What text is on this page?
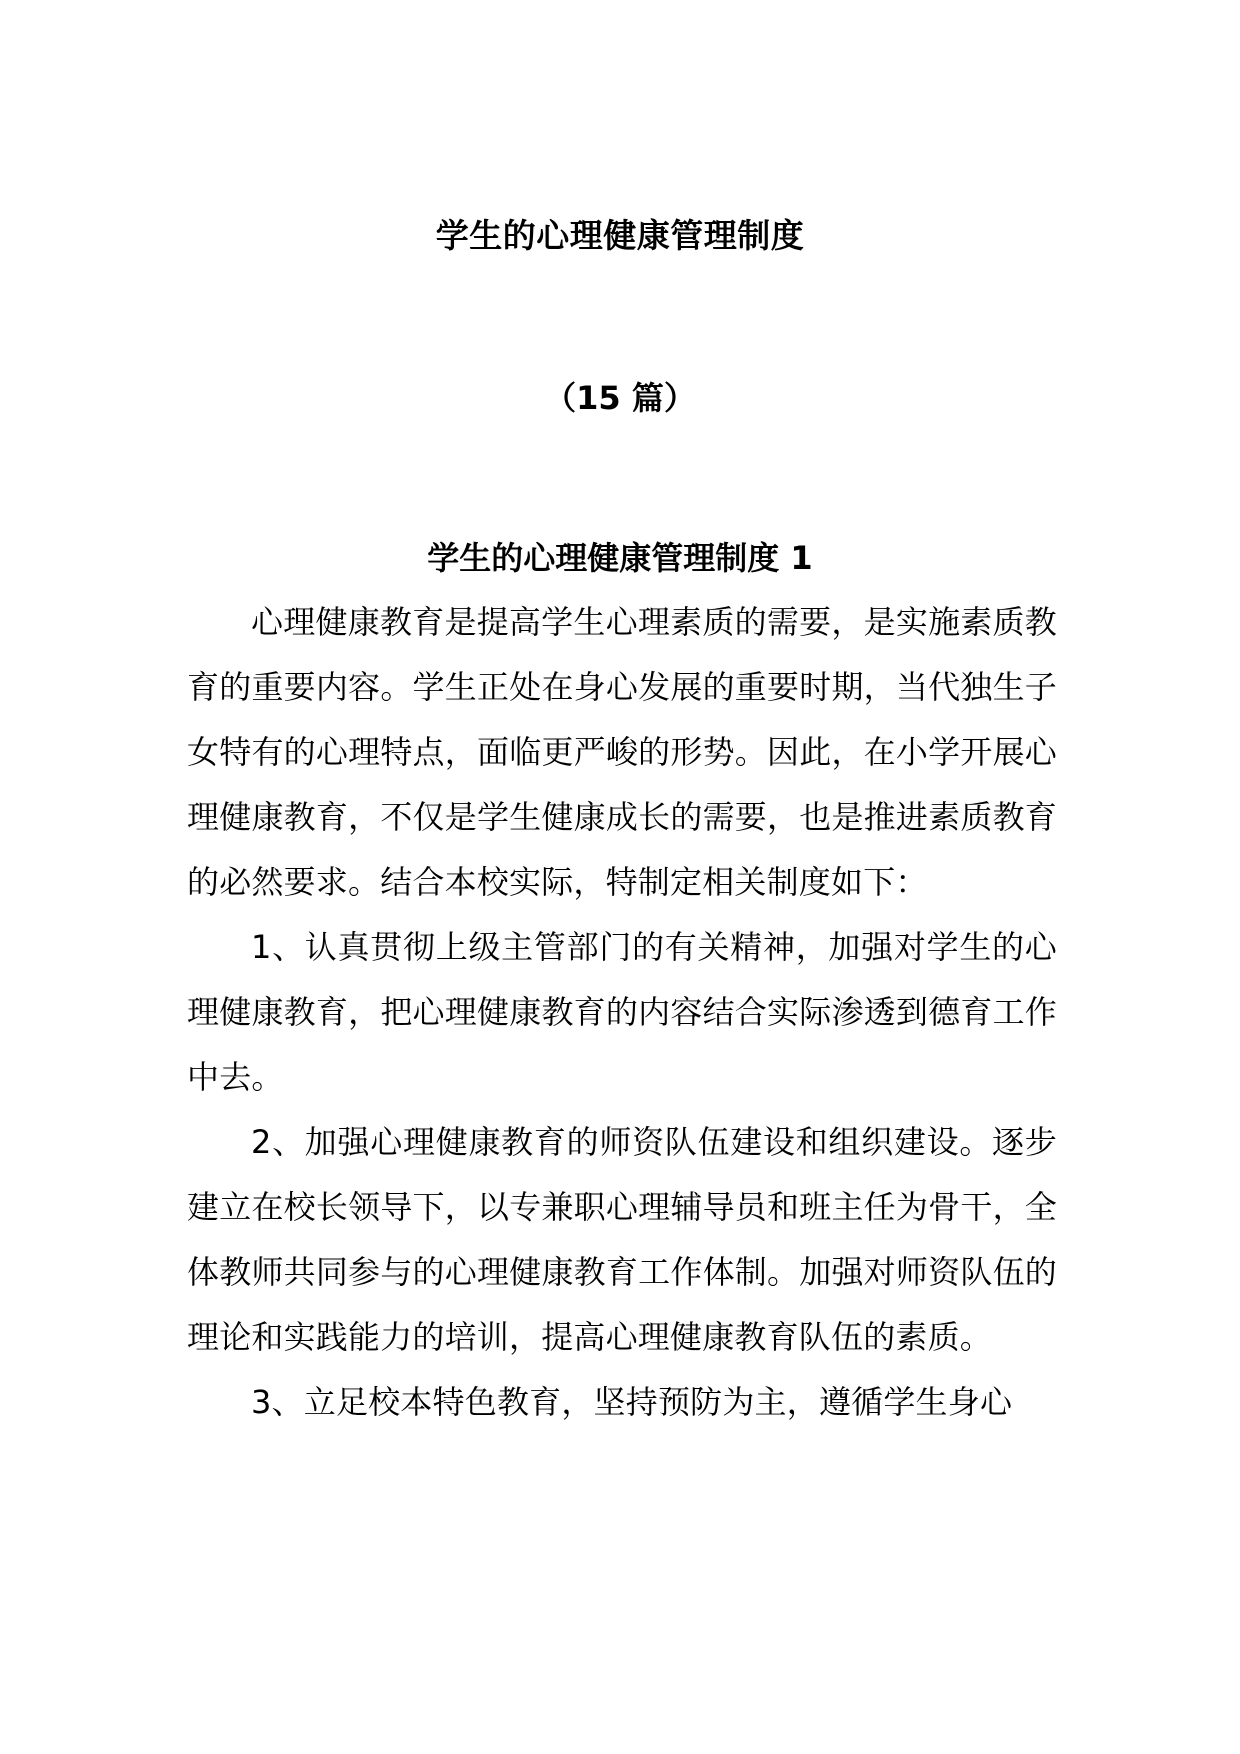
学生的心理健康管理制度
（15 篇）
学生的心理健康管理制度 1

心理健康教育是提高学生心理素质的需要，是实施素质教育的重要内容。学生正处在身心发展的重要时期，当代独生子女特有的心理特点，面临更严峻的形势。因此，在小学开展心理健康教育，不仅是学生健康成长的需要，也是推进素质教育的必然要求。结合本校实际，特制定相关制度如下：

1、认真贯彻上级主管部门的有关精神，加强对学生的心理健康教育，把心理健康教育的内容结合实际渗透到德育工作中去。

2、加强心理健康教育的师资队伍建设和组织建设。逐步建立在校长领导下，以专兼职心理辅导员和班主任为骨干，全体教师共同参与的心理健康教育工作体制。加强对师资队伍的理论和实践能力的培训，提高心理健康教育队伍的素质。

3、立足校本特色教育，坚持预防为主，遵循学生身心
